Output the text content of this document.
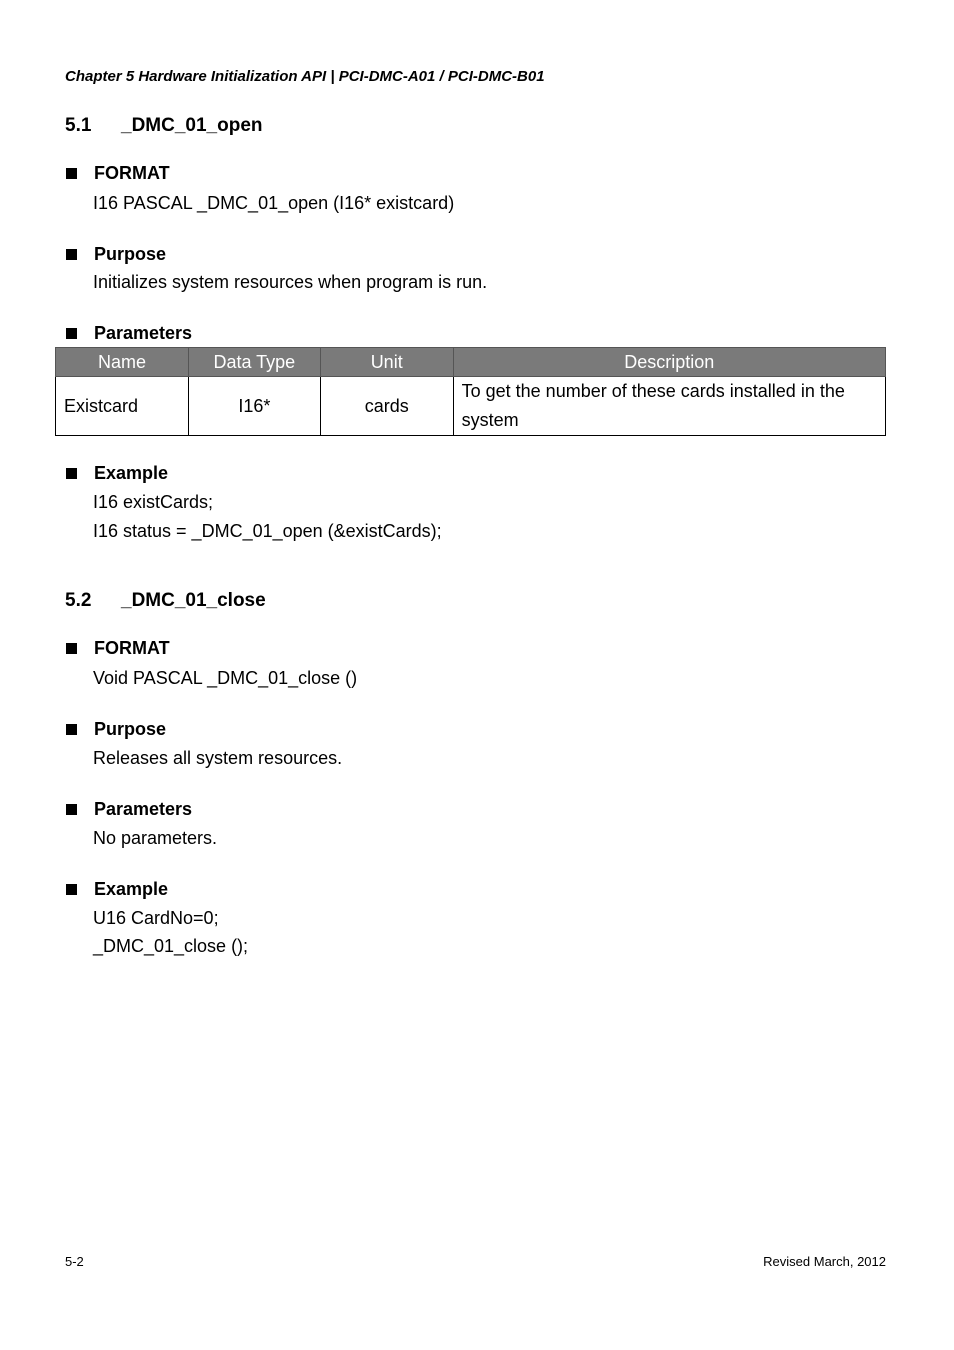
Chapter 5 Hardware Initialization API | PCI-DMC-A01 / PCI-DMC-B01
5.1 _DMC_01_open
FORMAT
I16 PASCAL _DMC_01_open (I16* existcard)
Purpose
Initializes system resources when program is run.
Parameters
Name	Data Type	Unit	Description
Existcard	I16*	cards	To get the number of these cards installed in the system
Example
I16 existCards;
I16 status = _DMC_01_open (&existCards);
5.2 _DMC_01_close
FORMAT
Void PASCAL _DMC_01_close ()
Purpose
Releases all system resources.
Parameters
No parameters.
Example
U16 CardNo=0;
_DMC_01_close ();
5-2	Revised March, 2012
